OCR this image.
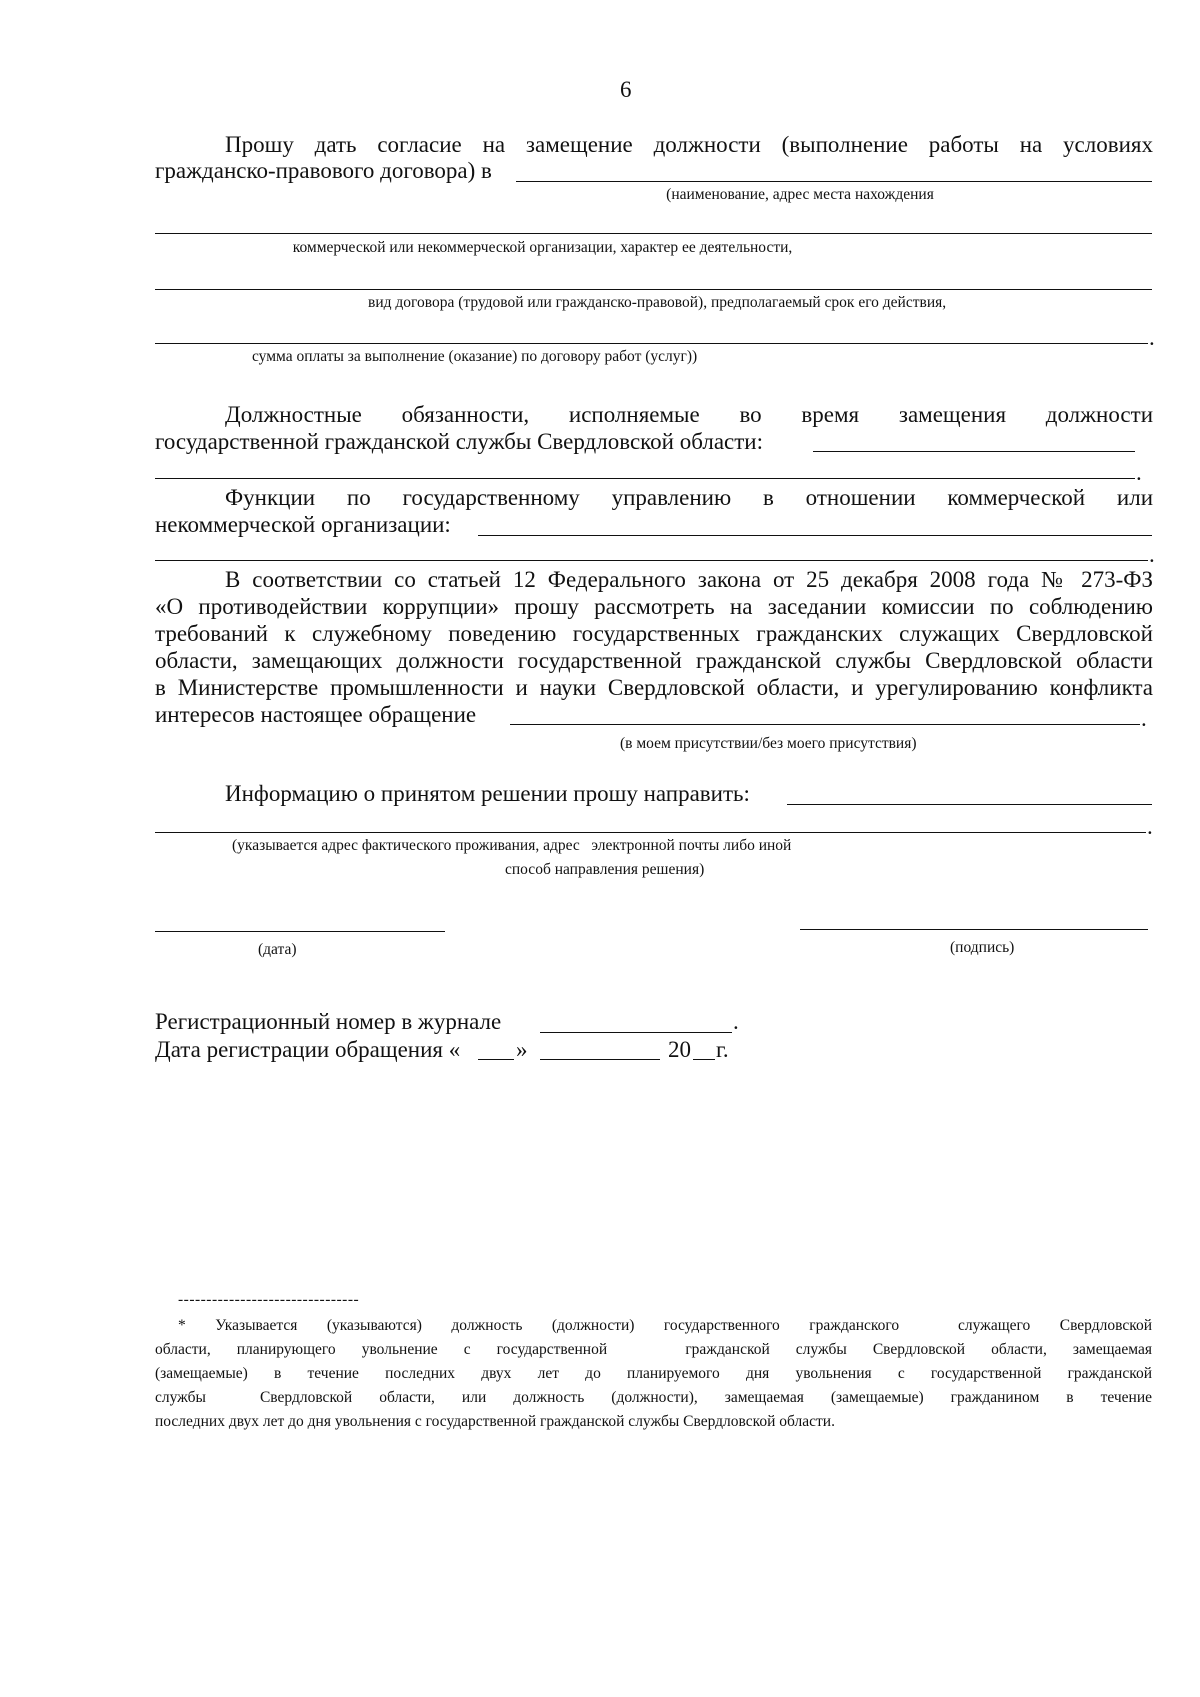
6
Прошу дать согласие на замещение должности (выполнение работы на условиях
гражданско-правового договора) в
(наименование, адрес места нахождения
коммерческой или некоммерческой организации, характер ее деятельности,
вид договора (трудовой или гражданско-правовой), предполагаемый срок его действия,
.
сумма оплаты за выполнение (оказание) по договору работ (услуг))
Должностные обязанности, исполняемые во время замещения должности
государственной гражданской службы Свердловской области:
.
Функции по государственному управлению в отношении коммерческой или
некоммерческой организации:
.
В соответствии со статьей 12 Федерального закона от 25 декабря 2008 года № 273-ФЗ
«О противодействии коррупции» прошу рассмотреть на заседании комиссии по соблюдению
требований к служебному поведению государственных гражданских служащих Свердловской
области, замещающих должности государственной гражданской службы Свердловской области
в Министерстве промышленности и науки Свердловской области, и урегулированию конфликта
интересов настоящее обращение	.
(в моем присутствии/без моего присутствия)
Информацию о принятом решении прошу направить:
.
(указывается адрес фактического проживания, адрес   электронной почты либо иной
способ направления решения)
(дата)	(подпись)
Регистрационный номер в журнале	.
Дата регистрации обращения « »	20 г.
--------------------------------
* Указывается (указываются) должность (должности) государственного гражданского  служащего Свердловской
области, планирующего увольнение с государственной   гражданской службы Свердловской области, замещаемая
(замещаемые) в течение последних двух лет до планируемого дня увольнения с государственной гражданской
службы  Свердловской области, или должность (должности), замещаемая (замещаемые) гражданином в течение
последних двух лет до дня увольнения с государственной гражданской службы Свердловской области.
